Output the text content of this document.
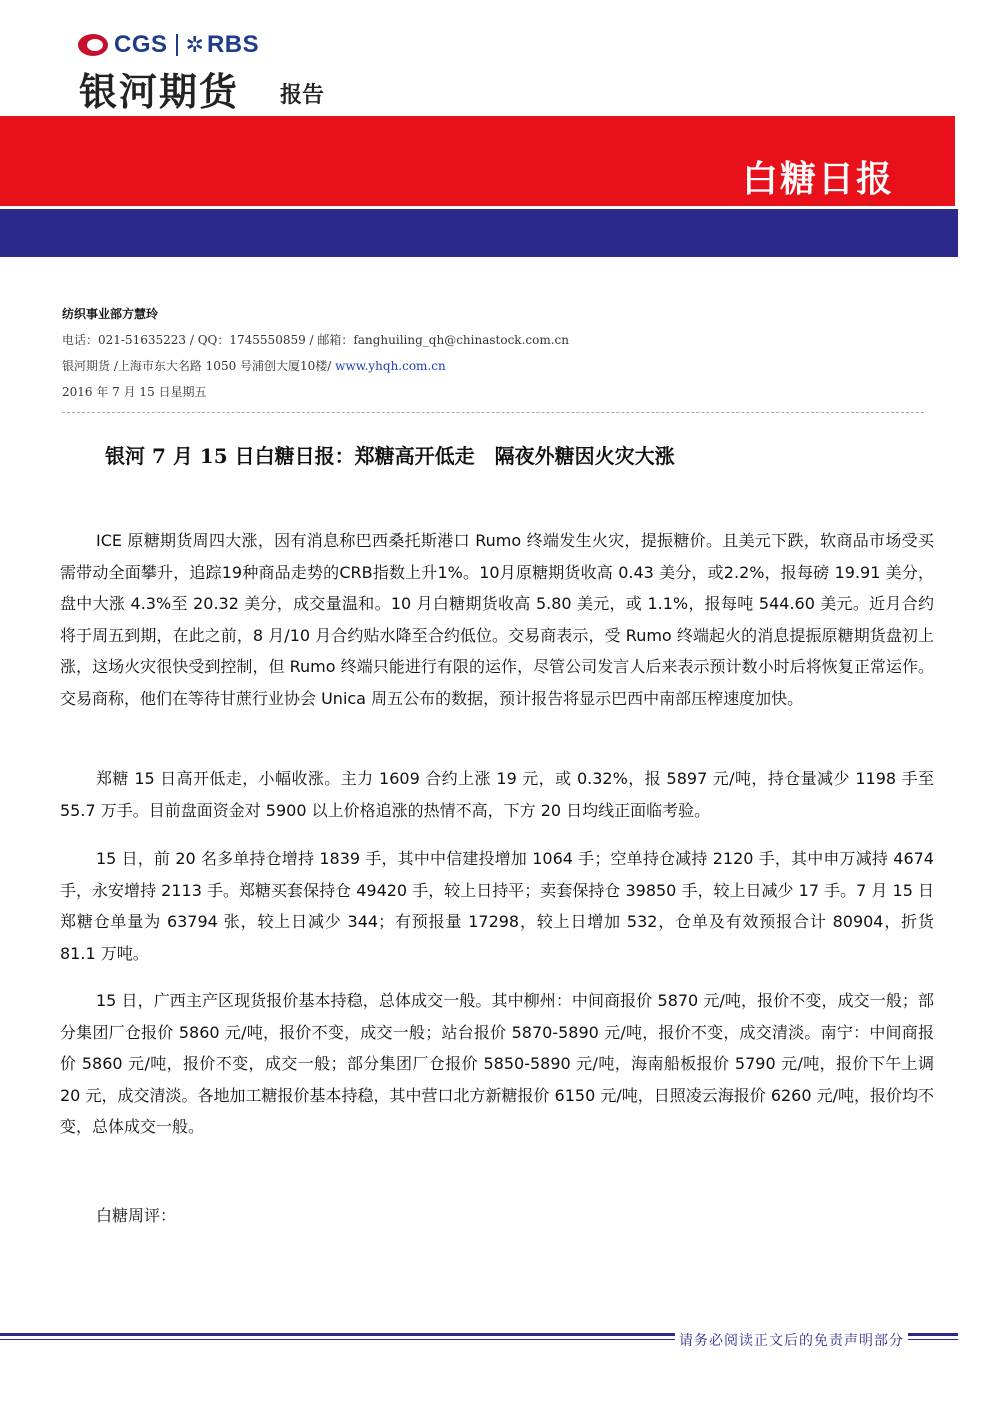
CGS ✲ RBS
银河期货 报告
白糖日报
纺织事业部方慧玲
电话：021-51635223 / QQ：1745550859 / 邮箱：fanghuiling_qh@chinastock.com.cn
银河期货 /上海市东大名路 1050 号浦创大厦10楼/ www.yhqh.com.cn
2016 年 7 月 15 日星期五
银河 7 月 15 日白糖日报：郑糖高开低走　隔夜外糖因火灾大涨
ICE 原糖期货周四大涨，因有消息称巴西桑托斯港口 Rumo 终端发生火灾，提振糖价。且美元下跌，软商品市场受买需带动全面攀升，追踪19种商品走势的CRB指数上升1%。10月原糖期货收高 0.43 美分，或2.2%，报每磅 19.91 美分，盘中大涨 4.3%至 20.32 美分，成交量温和。10 月白糖期货收高 5.80 美元，或 1.1%，报每吨 544.60 美元。近月合约将于周五到期，在此之前，8 月/10 月合约贴水降至合约低位。交易商表示，受 Rumo 终端起火的消息提振原糖期货盘初上涨，这场火灾很快受到控制，但 Rumo 终端只能进行有限的运作，尽管公司发言人后来表示预计数小时后将恢复正常运作。交易商称，他们在等待甘蔗行业协会 Unica 周五公布的数据，预计报告将显示巴西中南部压榨速度加快。
郑糖 15 日高开低走，小幅收涨。主力 1609 合约上涨 19 元，或 0.32%，报 5897 元/吨，持仓量减少 1198 手至 55.7 万手。目前盘面资金对 5900 以上价格追涨的热情不高，下方 20 日均线正面临考验。
15 日，前 20 名多单持仓增持 1839 手，其中中信建投增加 1064 手；空单持仓减持 2120 手，其中申万减持 4674 手，永安增持 2113 手。郑糖买套保持仓 49420 手，较上日持平；卖套保持仓 39850 手，较上日减少 17 手。7 月 15 日郑糖仓单量为 63794 张，较上日减少 344；有预报量 17298，较上日增加 532，仓单及有效预报合计 80904，折货 81.1 万吨。
15 日，广西主产区现货报价基本持稳，总体成交一般。其中柳州：中间商报价 5870 元/吨，报价不变，成交一般；部分集团厂仓报价 5860 元/吨，报价不变，成交一般；站台报价 5870-5890 元/吨，报价不变，成交清淡。南宁：中间商报价 5860 元/吨，报价不变，成交一般；部分集团厂仓报价 5850-5890 元/吨，海南船板报价 5790 元/吨，报价下午上调 20 元，成交清淡。各地加工糖报价基本持稳，其中营口北方新糖报价 6150 元/吨，日照凌云海报价 6260 元/吨，报价均不变，总体成交一般。
白糖周评：
请务必阅读正文后的免责声明部分
